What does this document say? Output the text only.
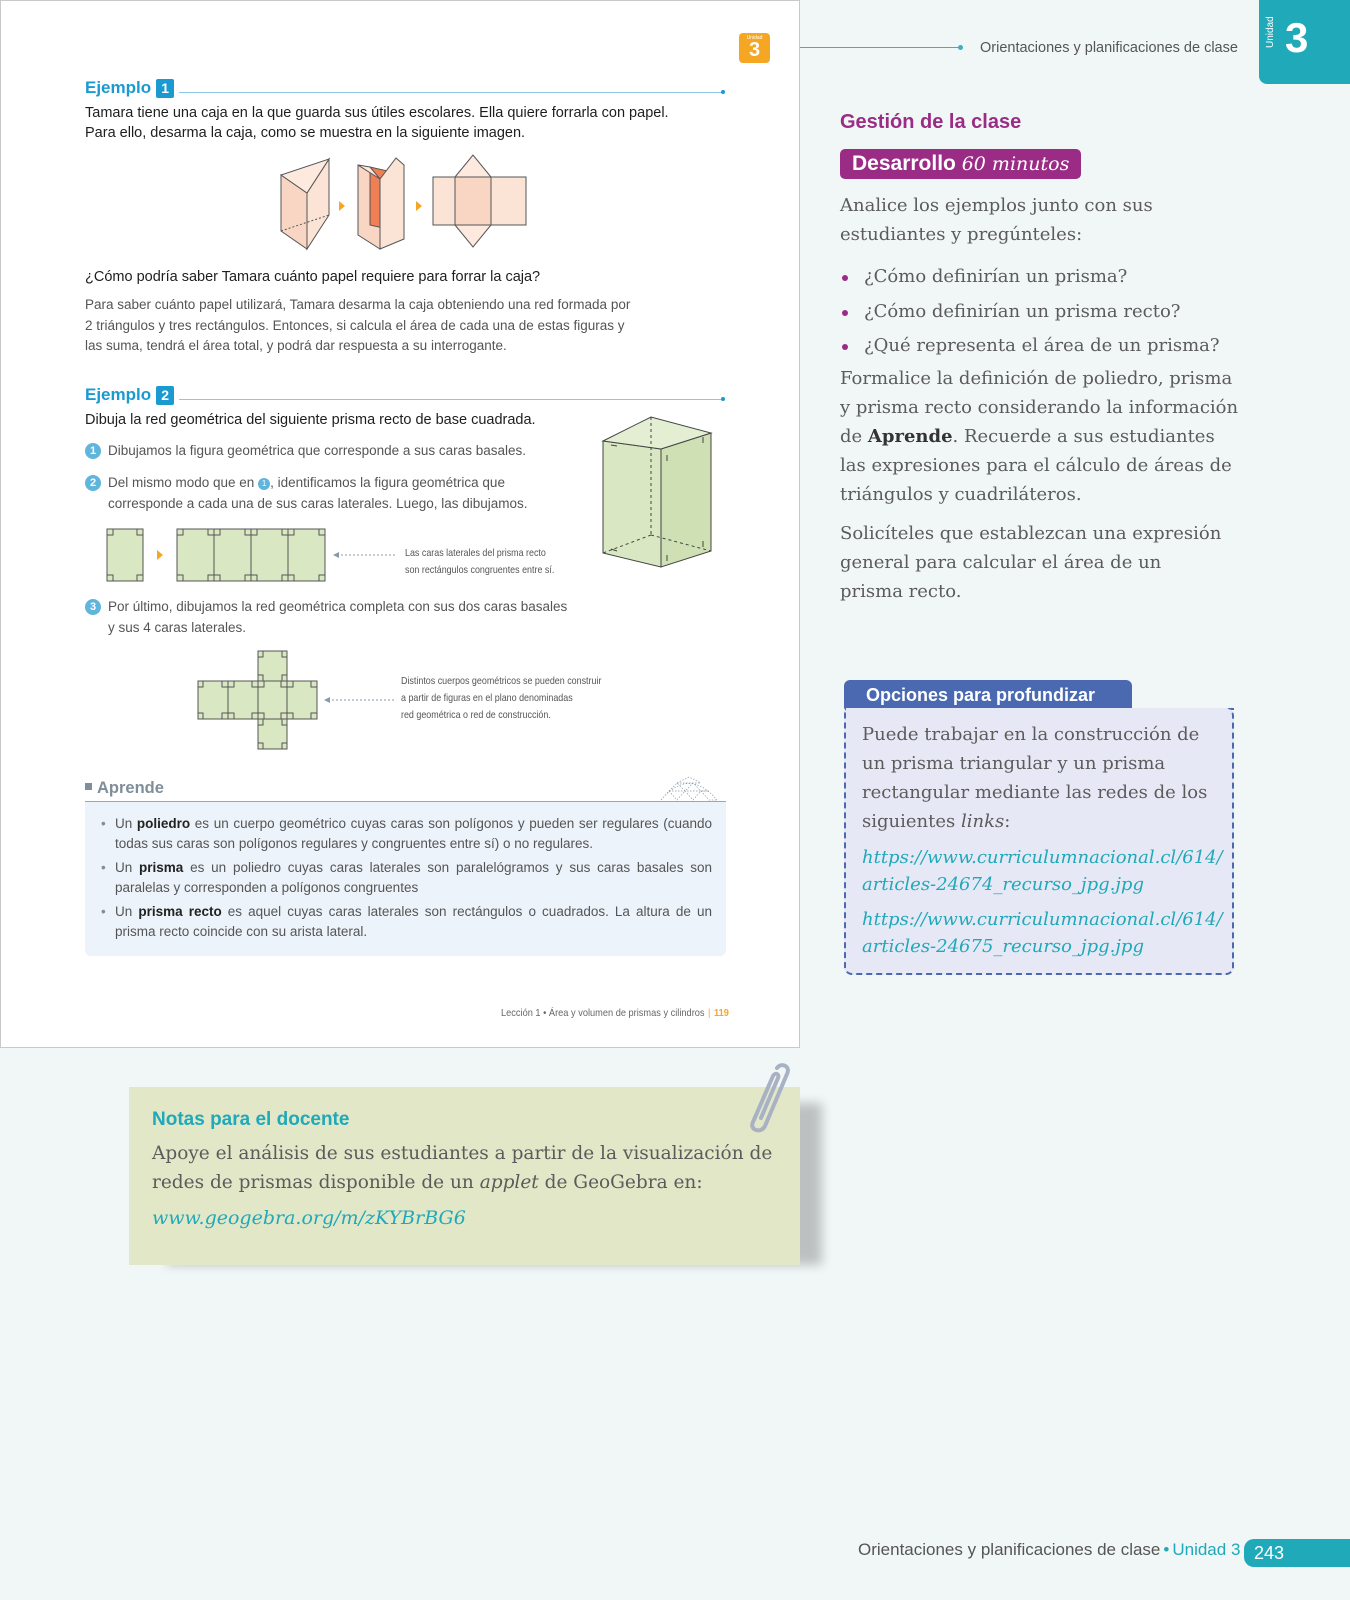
Unidad
3
Ejemplo 1
Tamara tiene una caja en la que guarda sus útiles escolares. Ella quiere forrarla con papel.
Para ello, desarma la caja, como se muestra en la siguiente imagen.
¿Cómo podría saber Tamara cuánto papel requiere para forrar la caja?
Para saber cuánto papel utilizará, Tamara desarma la caja obteniendo una red formada por
2 triángulos y tres rectángulos. Entonces, si calcula el área de cada una de estas figuras y
las suma, tendrá el área total, y podrá dar respuesta a su interrogante.
Ejemplo 2
Dibuja la red geométrica del siguiente prisma recto de base cuadrada.
1 Dibujamos la figura geométrica que corresponde a sus caras basales.
2 Del mismo modo que en 1 , identificamos la figura geométrica que
corresponde a cada una de sus caras laterales. Luego, las dibujamos.
Las caras laterales del prisma recto
son rectángulos congruentes entre sí.
3 Por último, dibujamos la red geométrica completa con sus dos caras basales
y sus 4 caras laterales.
Distintos cuerpos geométricos se pueden construir
a partir de figuras en el plano denominadas
red geométrica o red de construcción.
Aprende
• Un poliedro es un cuerpo geométrico cuyas caras son polígonos y pueden ser regulares (cuando todas sus caras son polígonos regulares y congruentes entre sí) o no regulares.
• Un prisma es un poliedro cuyas caras laterales son paralelógramos y sus caras basales son paralelas y corresponden a polígonos congruentes
• Un prisma recto es aquel cuyas caras laterales son rectángulos o cuadrados. La altura de un prisma recto coincide con su arista lateral.
Lección 1 • Área y volumen de prismas y cilindros | 119
Orientaciones y planificaciones de clase	Unidad 3
Gestión de la clase
Desarrollo 60 minutos
Analice los ejemplos junto con sus
estudiantes y pregúnteles:
¿Cómo definirían un prisma?
¿Cómo definirían un prisma recto?
¿Qué representa el área de un prisma?
Formalice la definición de poliedro, prisma
y prisma recto considerando la información
de Aprende. Recuerde a sus estudiantes
las expresiones para el cálculo de áreas de
triángulos y cuadriláteros.
Solicíteles que establezcan una expresión
general para calcular el área de un
prisma recto.
Opciones para profundizar
Puede trabajar en la construcción de
un prisma triangular y un prisma
rectangular mediante las redes de los
siguientes links:
https://www.curriculumnacional.cl/614/
articles-24674_recurso_jpg.jpg
https://www.curriculumnacional.cl/614/
articles-24675_recurso_jpg.jpg
Notas para el docente
Apoye el análisis de sus estudiantes a partir de la visualización de
redes de prismas disponible de un applet de GeoGebra en:
www.geogebra.org/m/zKYBrBG6
Orientaciones y planificaciones de clase • Unidad 3 243
